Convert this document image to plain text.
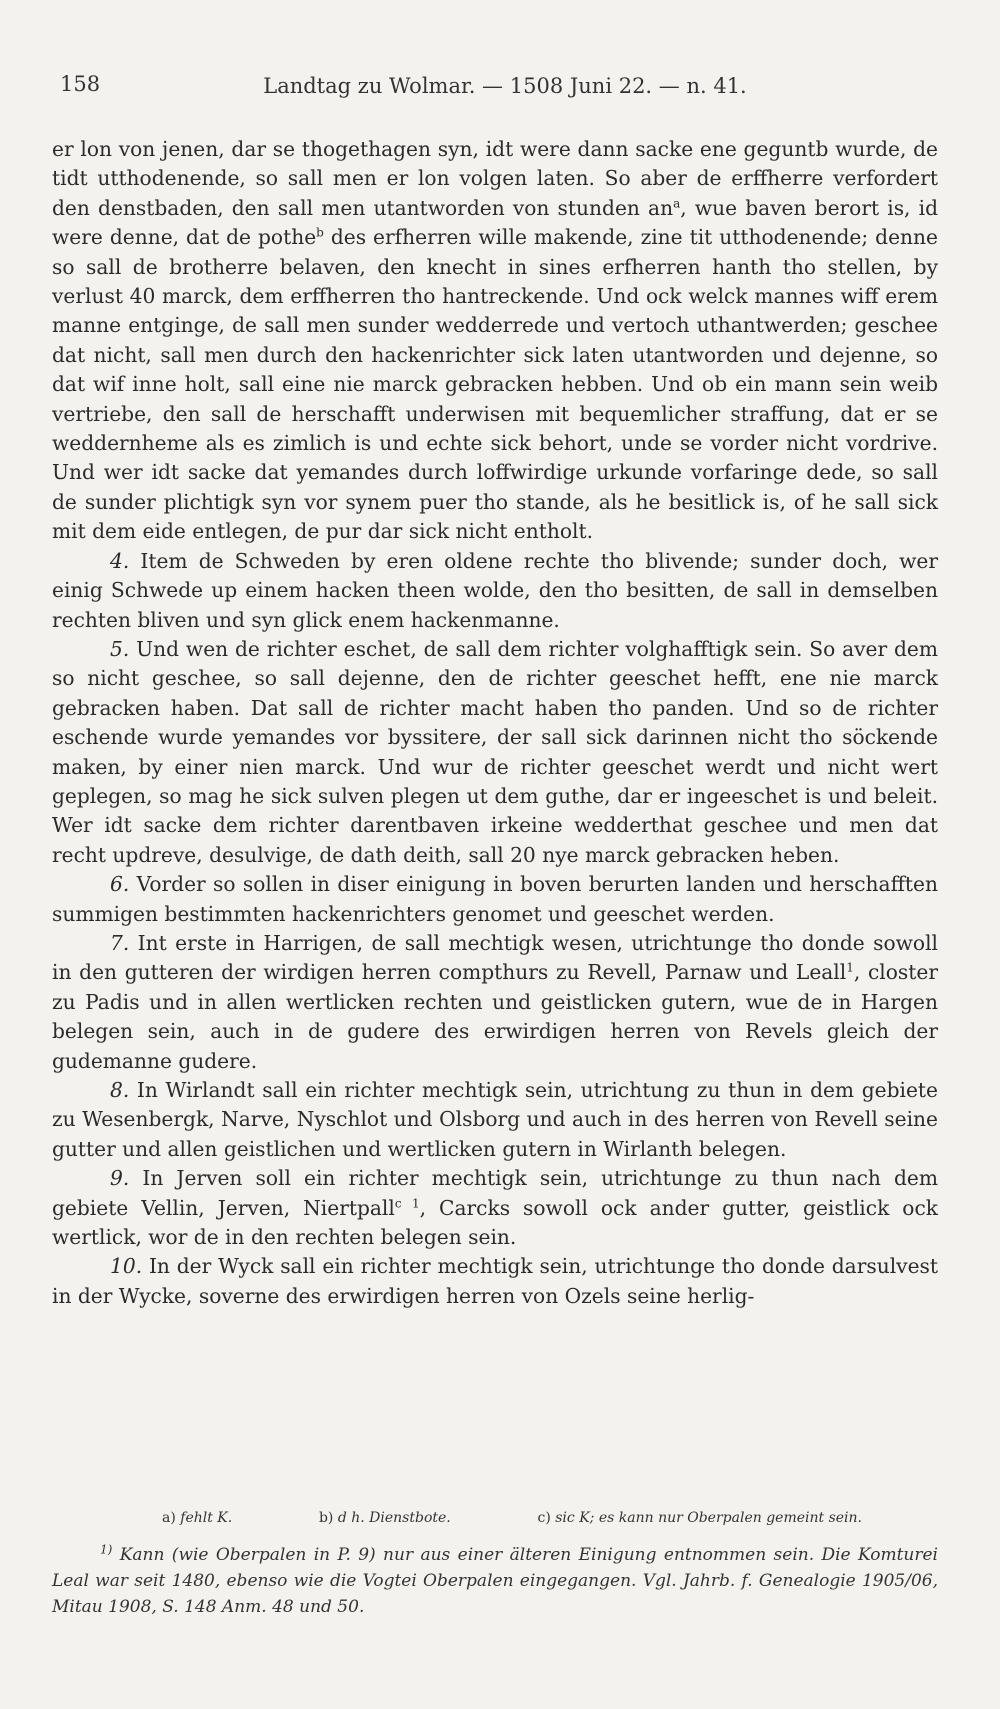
158	Landtag zu Wolmar. — 1508 Juni 22. — n. 41.

er lon von jenen, dar se thogethagen syn, idt were dann sacke ene geguntb wurde, de tidt utthodenende, so sall men er lon volgen laten. So aber de erffherre verfordert den denstbaden, den sall men utantworden von stunden $an^a$, wue baven berort is, id were denne, dat de pothe$^b$ des erfherren wille makende, zine tit utthodenende; denne so sall de brotherre belaven, den knecht in sines erfherren hanth tho stellen, by verlust 40 marck, dem erffherren tho hantreckende. Und ock welck mannes wiff erem manne entginge, de sall men sunder wedderrede und vertoch uthantwerden; geschee dat nicht, sall men durch den hackenrichter sick laten utantworden und dejenne, so dat wif inne holt, sall eine nie marck gebracken hebben. Und ob ein mann sein weib vertriebe, den sall de herschafft underwisen mit bequemlicher straffung, dat er se weddernheme als es zimlich is und echte sick behort, unde se vorder nicht vordrive. Und wer idt sacke dat yemandes durch loffwirdige urkunde vorfaringe dede, so sall de sunder plichtigk syn vor synem puer tho stande, als he besitlick is, of he sall sick mit dem eide entlegen, de pur dar sick nicht entholt.

4. Item de Schweden by eren oldene rechte tho blivende; sunder doch, wer einig Schwede up einem hacken theen wolde, den tho besitten, de sall in demselben rechten bliven und syn glick enem hackenmanne.

5. Und wen de richter eschet, de sall dem richter volghafftigk sein. So aver dem so nicht geschee, so sall dejenne, den de richter geeschet hefft, ene nie marck gebracken haben. Dat sall de richter macht haben tho panden. Und so de richter eschende wurde yemandes vor byssitere, der sall sick darinnen nicht tho söckende maken, by einer nien marck. Und wur de richter geeschet werdt und nicht wert geplegen, so mag he sick sulven plegen ut dem guthe, dar er ingeeschet is und beleit. Wer idt sacke dem richter darentbaven irkeine wedderthat geschee und men dat recht updreve, desulvige, de dath deith, sall 20 nye marck gebracken heben.

6. Vorder so sollen in diser einigung in boven berurten landen und herschafften summigen bestimmten hackenrichters genomet und geeschet werden.

7. Int erste in Harrigen, de sall mechtigk wesen, utrichtunge tho donde sowoll in den gutteren der wirdigen herren compthurs zu Revell, Parnaw und Leall$^1$, closter zu Padis und in allen wertlicken rechten und geistlicken gutern, wue de in Hargen belegen sein, auch in de gudere des erwirdigen herren von Revels gleich der gudemanne gudere.

8. In Wirlandt sall ein richter mechtigk sein, utrichtung zu thun in dem gebiete zu Wesenbergk, Narve, Nyschlot und Olsborg und auch in des herren von Revell seine gutter und allen geistlichen und wertlicken gutern in Wirlanth belegen.

9. In Jerven soll ein richter mechtigk sein, utrichtunge zu thun nach dem gebiete Vellin, Jerven, Niertpall$^{c 1}$, Carcks sowoll ock ander gutter, geistlick ock wertlick, wor de in den rechten belegen sein.

10. In der Wyck sall ein richter mechtigk sein, utrichtunge tho donde darsulvest in der Wycke, soverne des erwirdigen herren von Ozels seine herlig-

a) fehlt K.	b) d h. Dienstbote.	c) sic K; es kann nur Oberpalen gemeint sein.
$^{1)}$ Kann (wie Oberpalen in P. 9) nur aus einer älteren Einigung entnommen sein. Die Komturei Leal war seit 1480, ebenso wie die Vogtei Oberpalen eingegangen. Vgl. Jahrb. f. Genealogie 1905/06, Mitau 1908, S. 148 Anm. 48 und 50.
